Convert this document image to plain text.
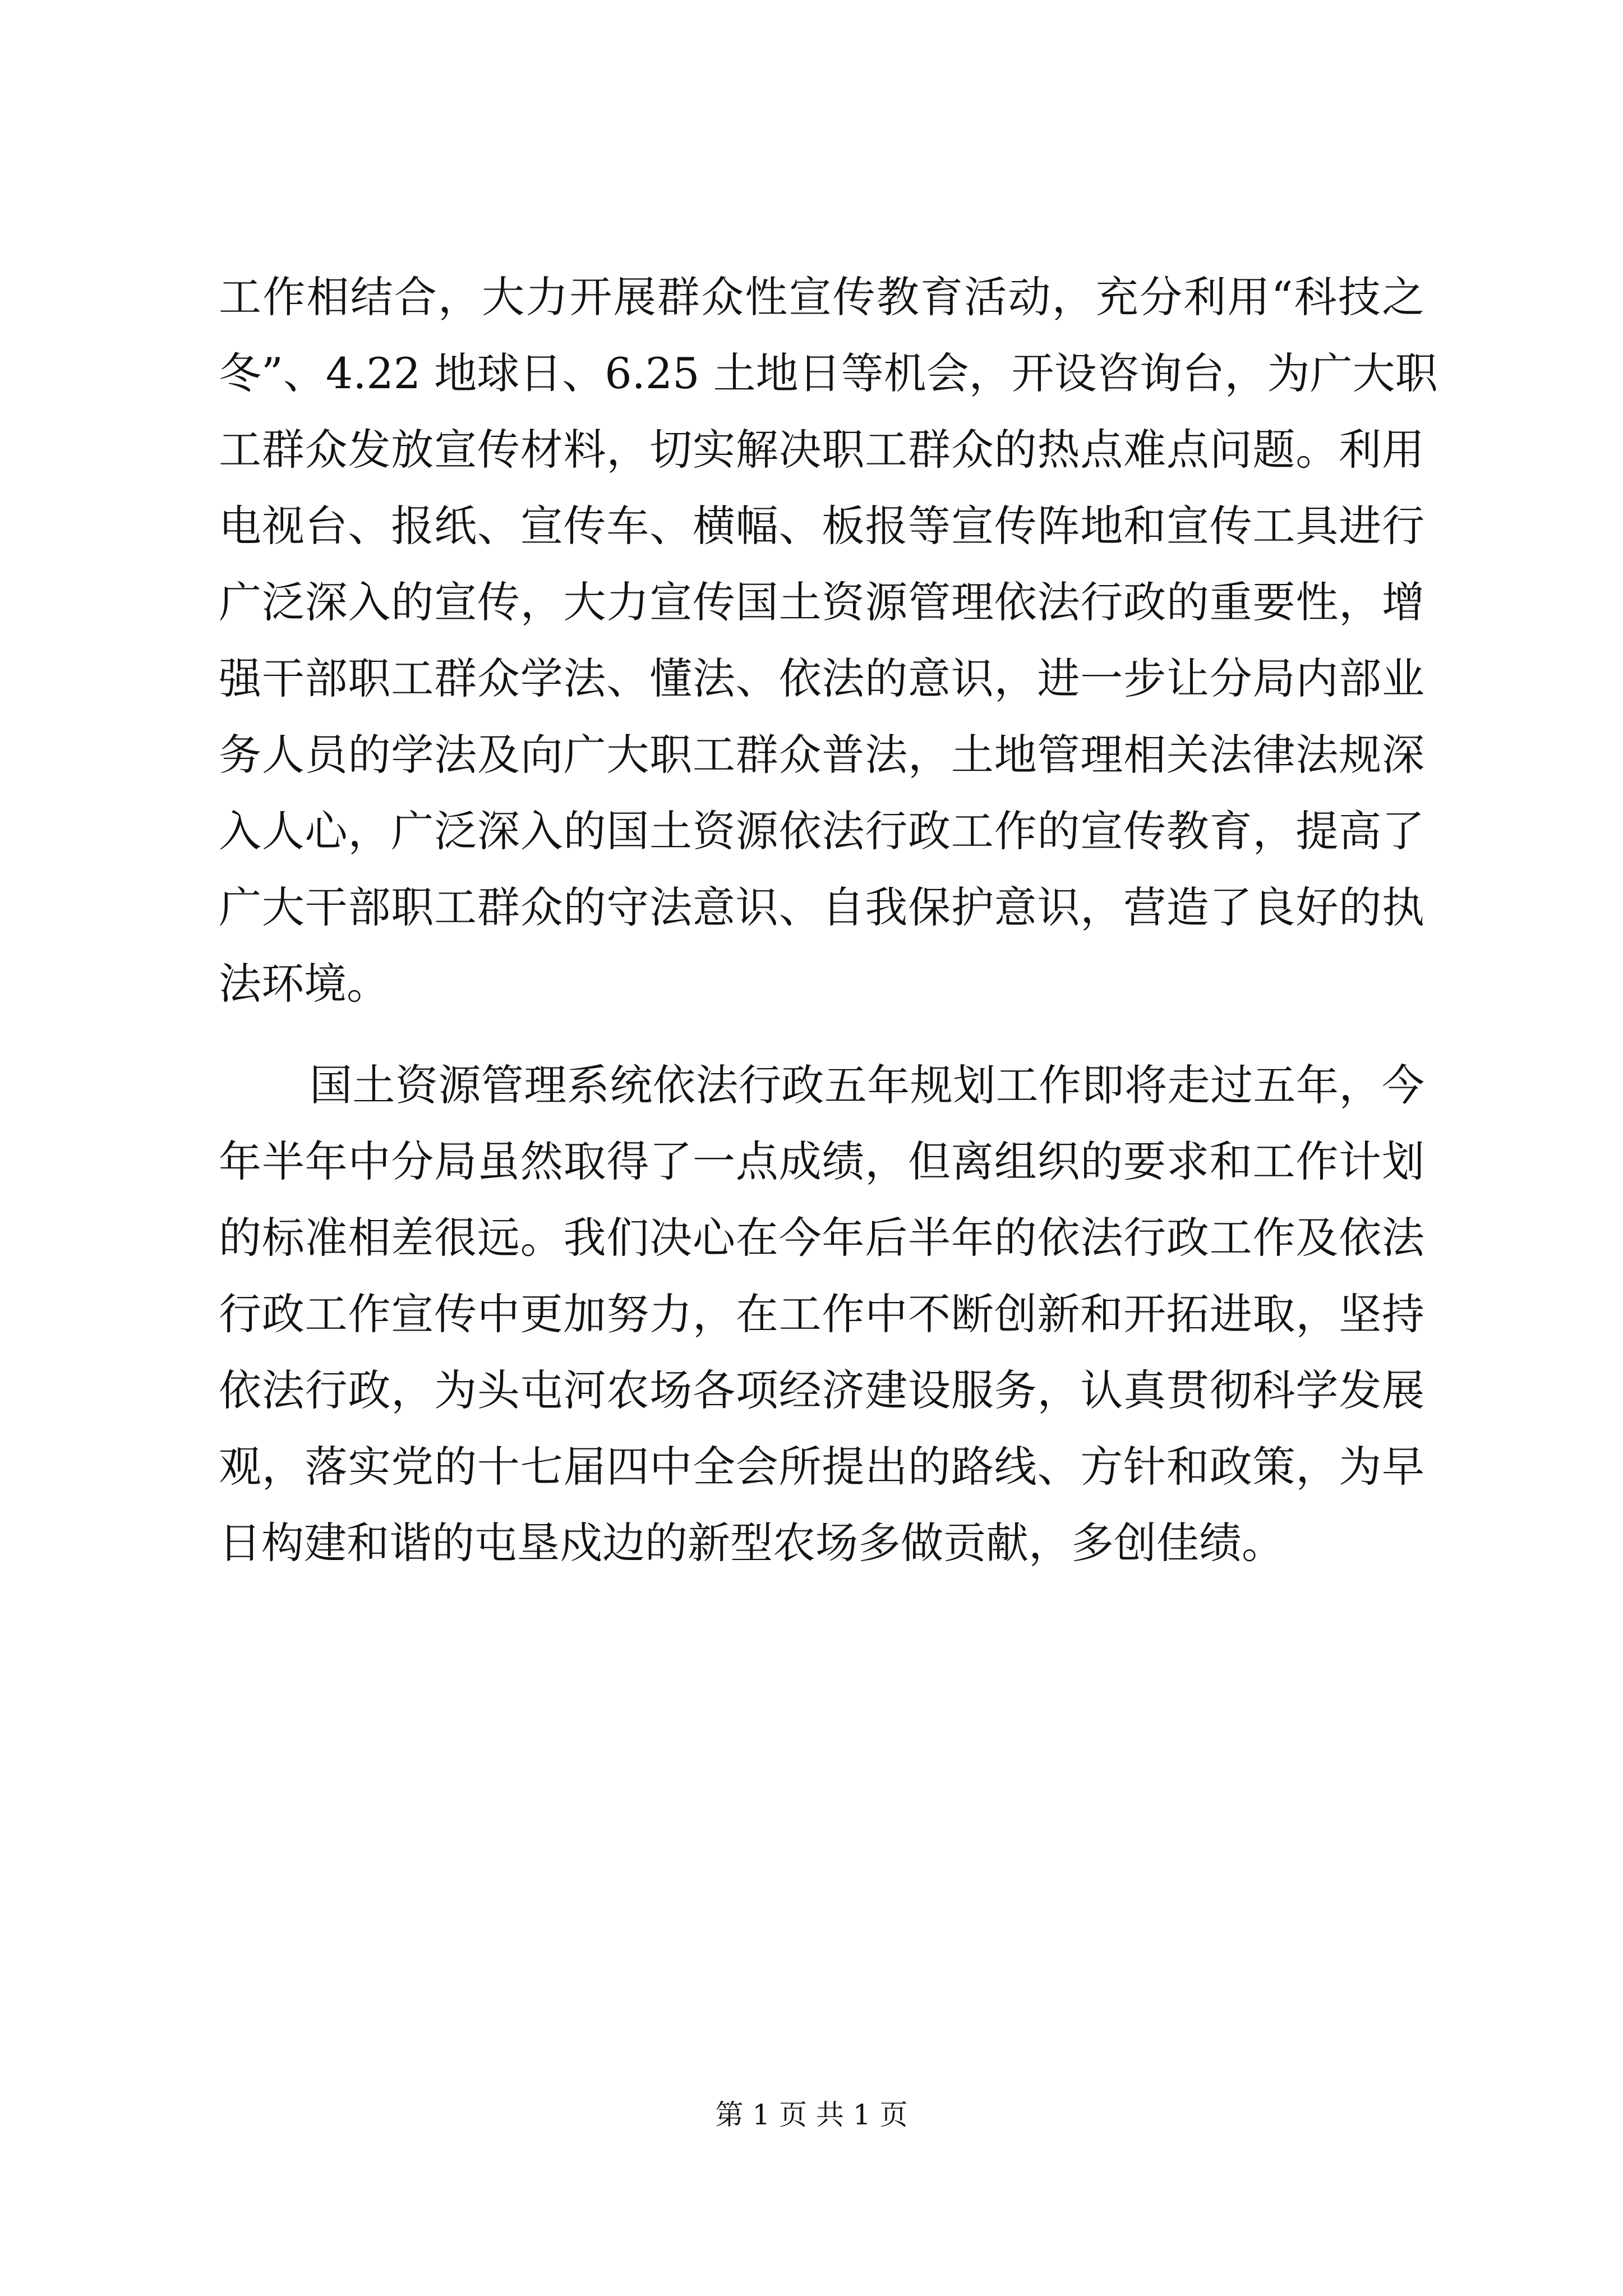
工作相结合，大力开展群众性宣传教育活动，充分利用“科技之
冬”、4.22 地球日、6.25 土地日等机会，开设咨询台，为广大职
工群众发放宣传材料，切实解决职工群众的热点难点问题。利用
电视台、报纸、宣传车、横幅、板报等宣传阵地和宣传工具进行
广泛深入的宣传，大力宣传国土资源管理依法行政的重要性，增
强干部职工群众学法、懂法、依法的意识，进一步让分局内部业
务人员的学法及向广大职工群众普法，土地管理相关法律法规深
入人心，广泛深入的国土资源依法行政工作的宣传教育，提高了
广大干部职工群众的守法意识、自我保护意识，营造了良好的执
法环境。
国土资源管理系统依法行政五年规划工作即将走过五年，今
年半年中分局虽然取得了一点成绩，但离组织的要求和工作计划
的标准相差很远。我们决心在今年后半年的依法行政工作及依法
行政工作宣传中更加努力，在工作中不断创新和开拓进取，坚持
依法行政，为头屯河农场各项经济建设服务，认真贯彻科学发展
观，落实党的十七届四中全会所提出的路线、方针和政策，为早
日构建和谐的屯垦戍边的新型农场多做贡献，多创佳绩。
第 1 页 共 1 页
